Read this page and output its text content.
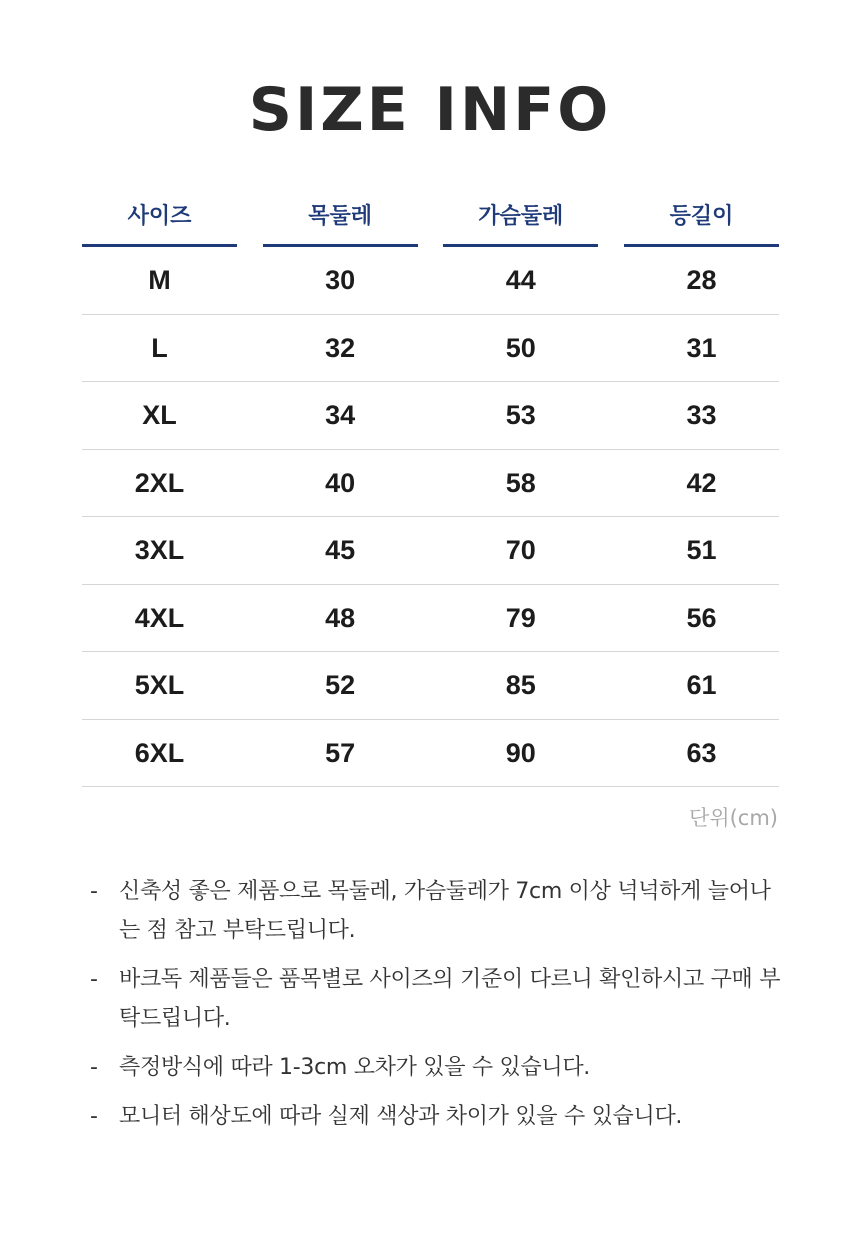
SIZE INFO
사이즈	목둘레	가슴둘레	등길이
M	30	44	28
L	32	50	31
XL	34	53	33
2XL	40	58	42
3XL	45	70	51
4XL	48	79	56
5XL	52	85	61
6XL	57	90	63
단위(cm)
- 신축성 좋은 제품으로 목둘레, 가슴둘레가 7cm 이상 넉넉하게 늘어나는 점 참고 부탁드립니다.
- 바크독 제품들은 품목별로 사이즈의 기준이 다르니 확인하시고 구매 부탁드립니다.
- 측정방식에 따라 1-3cm 오차가 있을 수 있습니다.
- 모니터 해상도에 따라 실제 색상과 차이가 있을 수 있습니다.
